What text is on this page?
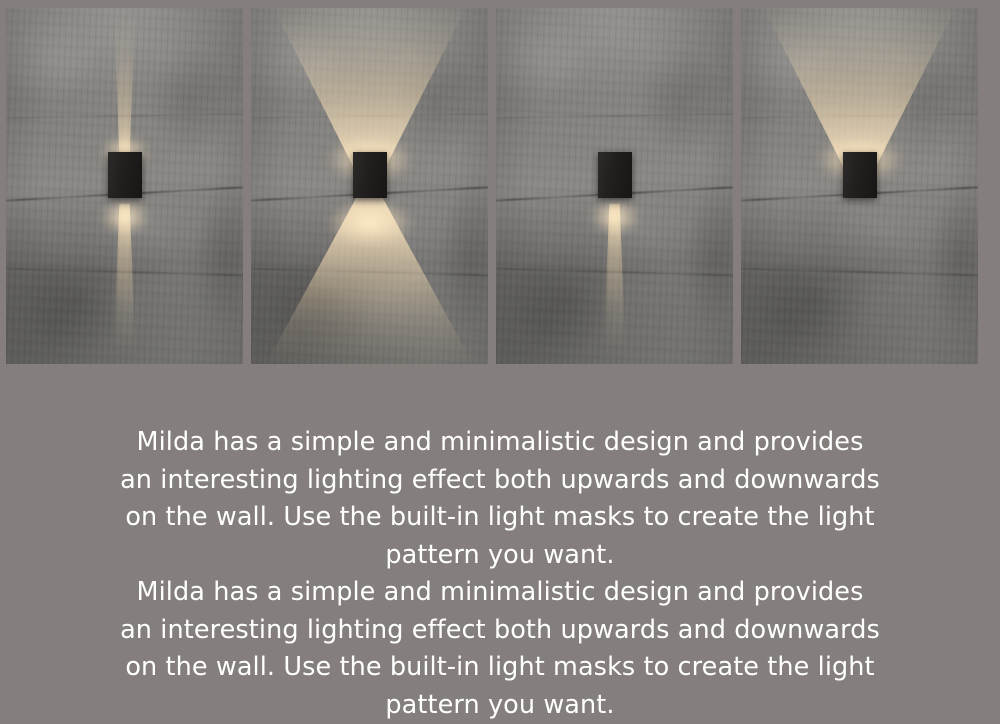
Milda has a simple and minimalistic design and provides an interesting lighting effect both upwards and downwards on the wall. Use the built-in light masks to create the light pattern you want.

Milda has a simple and minimalistic design and provides an interesting lighting effect both upwards and downwards on the wall. Use the built-in light masks to create the light pattern you want.
